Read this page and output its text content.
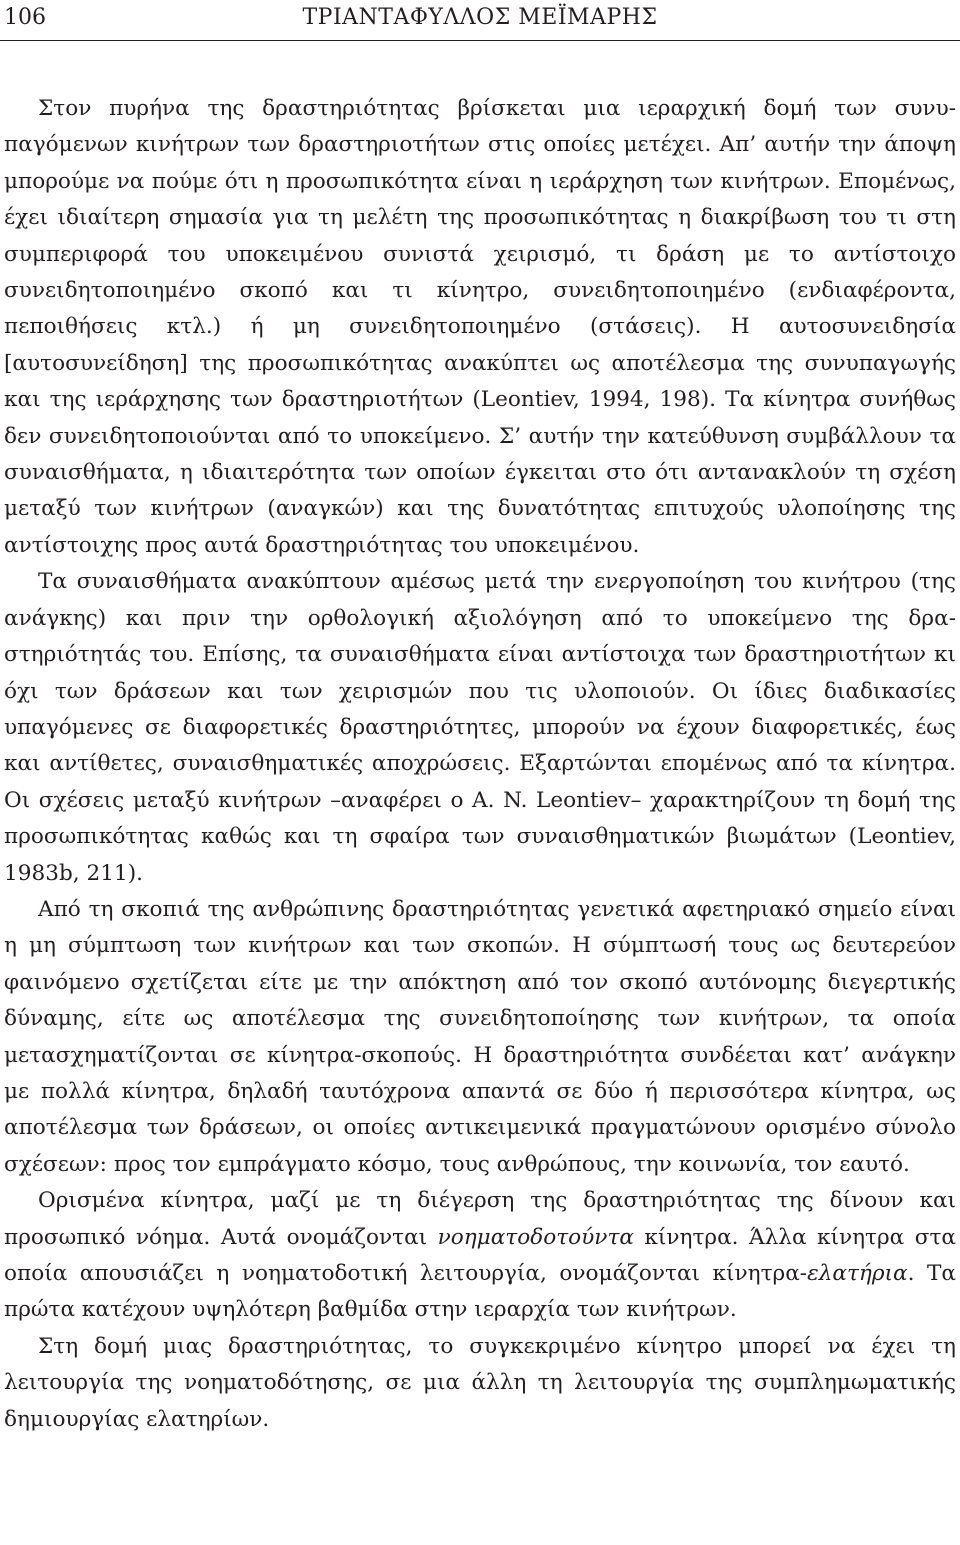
106	ΤΡΙΑΝΤΑΦΥΛΛΟΣ ΜΕΪΜΑΡΗΣ

Στον πυρήνα της δραστηριότητας βρίσκεται μια ιεραρχική δομή των συνυπαγόμενων κινήτρων των δραστηριοτήτων στις οποίες μετέχει. Απ’ αυτήν την άποψη μπορούμε να πούμε ότι η προσωπικότητα είναι η ιεράρχηση των κινήτρων. Επομένως, έχει ιδιαίτερη σημασία για τη μελέτη της προσωπικότητας η διακρίβωση του τι στη συμπεριφορά του υποκειμένου συνιστά χειρισμό, τι δράση με το αντίστοιχο συνειδητοποιημένο σκοπό και τι κίνητρο, συνειδητοποιημένο (ενδιαφέροντα, πεποιθήσεις κτλ.) ή μη συνειδητοποιημένο (στάσεις). Η αυτοσυνειδησία [αυτοσυνείδηση] της προσωπικότητας ανακύπτει ως αποτέλεσμα της συνυπαγωγής και της ιεράρχησης των δραστηριοτήτων (Leontiev, 1994, 198). Τα κίνητρα συνήθως δεν συνειδητοποιούνται από το υποκείμενο. Σ’ αυτήν την κατεύθυνση συμβάλλουν τα συναισθήματα, η ιδιαιτερότητα των οποίων έγκειται στο ότι αντανακλούν τη σχέση μεταξύ των κινήτρων (αναγκών) και της δυνατότητας επιτυχούς υλοποίησης της αντίστοιχης προς αυτά δραστηριότητας του υποκειμένου.

Τα συναισθήματα ανακύπτουν αμέσως μετά την ενεργοποίηση του κινήτρου (της ανάγκης) και πριν την ορθολογική αξιολόγηση από το υποκείμενο της δραστηριότητάς του. Επίσης, τα συναισθήματα είναι αντίστοιχα των δραστηριοτήτων κι όχι των δράσεων και των χειρισμών που τις υλοποιούν. Οι ίδιες διαδικασίες υπαγόμενες σε διαφορετικές δραστηριότητες, μπορούν να έχουν διαφορετικές, έως και αντίθετες, συναισθηματικές αποχρώσεις. Εξαρτώνται επομένως από τα κίνητρα. Οι σχέσεις μεταξύ κινήτρων –αναφέρει ο A. N. Leontiev– χαρακτηρίζουν τη δομή της προσωπικότητας καθώς και τη σφαίρα των συναισθηματικών βιωμάτων (Leontiev, 1983b, 211).

Από τη σκοπιά της ανθρώπινης δραστηριότητας γενετικά αφετηριακό σημείο είναι η μη σύμπτωση των κινήτρων και των σκοπών. Η σύμπτωσή τους ως δευτερεύον φαινόμενο σχετίζεται είτε με την απόκτηση από τον σκοπό αυτόνομης διεγερτικής δύναμης, είτε ως αποτέλεσμα της συνειδητοποίησης των κινήτρων, τα οποία μετασχηματίζονται σε κίνητρα-σκοπούς. Η δραστηριότητα συνδέεται κατ’ ανάγκην με πολλά κίνητρα, δηλαδή ταυτόχρονα απαντά σε δύο ή περισσότερα κίνητρα, ως αποτέλεσμα των δράσεων, οι οποίες αντικειμενικά πραγματώνουν ορισμένο σύνολο σχέσεων: προς τον εμπράγματο κόσμο, τους ανθρώπους, την κοινωνία, τον εαυτό.

Ορισμένα κίνητρα, μαζί με τη διέγερση της δραστηριότητας της δίνουν και προσωπικό νόημα. Αυτά ονομάζονται νοηματοδοτούντα κίνητρα. Άλλα κίνητρα στα οποία απουσιάζει η νοηματοδοτική λειτουργία, ονομάζονται κίνητρα-ελατήρια. Τα πρώτα κατέχουν υψηλότερη βαθμίδα στην ιεραρχία των κινήτρων.

Στη δομή μιας δραστηριότητας, το συγκεκριμένο κίνητρο μπορεί να έχει τη λειτουργία της νοηματοδότησης, σε μια άλλη τη λειτουργία της συμπλημωματικής δημιουργίας ελατηρίων.
